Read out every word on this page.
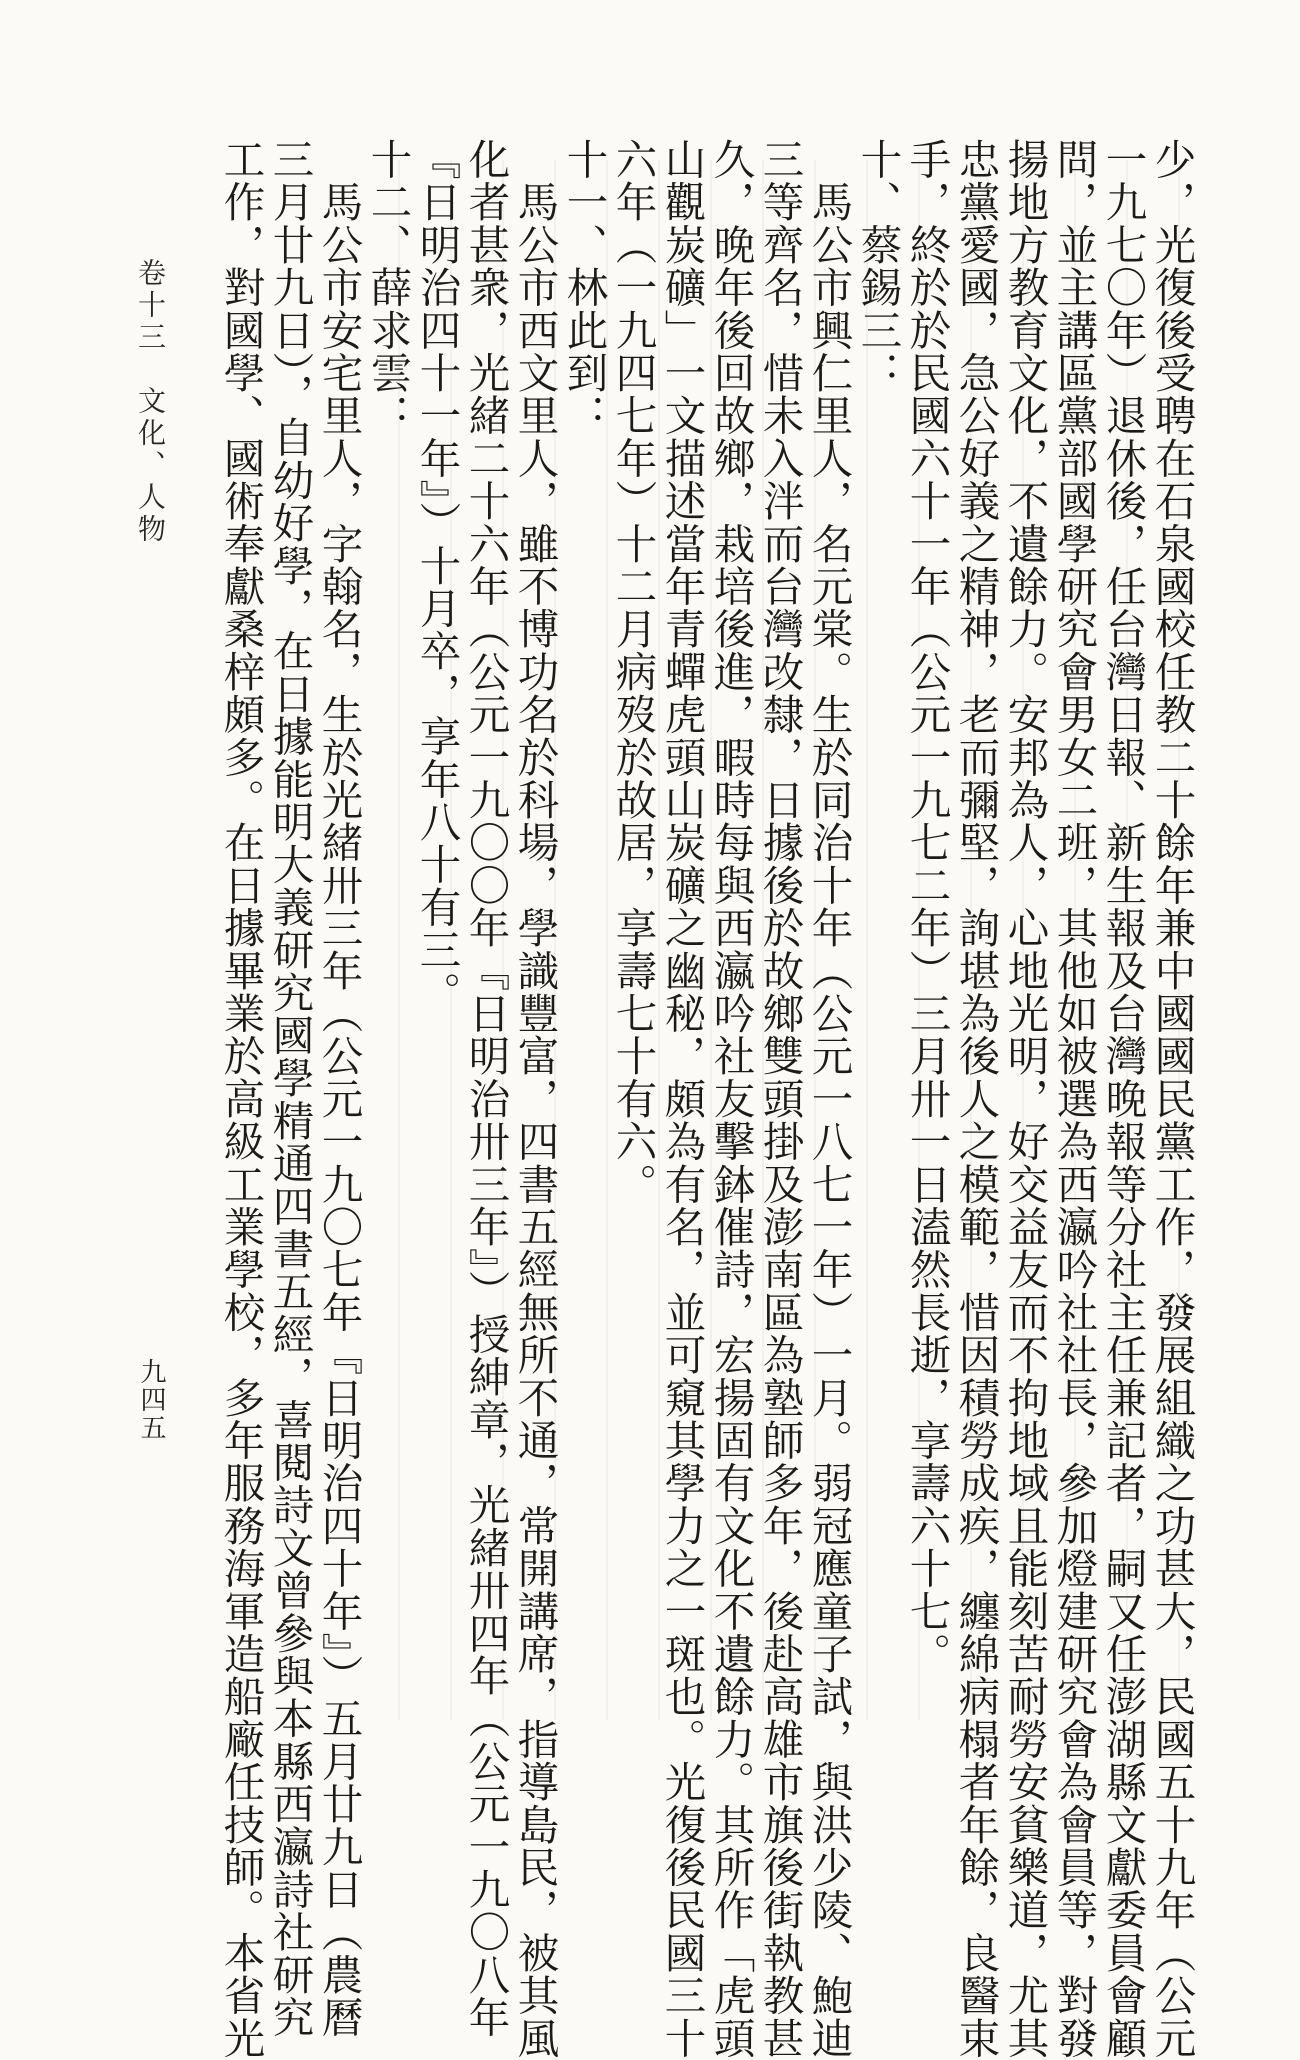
少，光復後受聘在石泉國校任教二十餘年兼中國國民黨工作，發展組織之功甚大，民國五十九年（公元
一九七〇年）退休後，任台灣日報、新生報及台灣晚報等分社主任兼記者，嗣又任澎湖縣文獻委員會顧
問，並主講區黨部國學研究會男女二班，其他如被選為西瀛吟社社長，參加燈建研究會為會員等，對發
揚地方教育文化，不遺餘力。安邦為人，心地光明，好交益友而不拘地域且能刻苦耐勞安貧樂道，尤其
忠黨愛國，急公好義之精神，老而彌堅，詢堪為後人之模範，惜因積勞成疾，纏綿病榻者年餘，良醫束
手，終於於民國六十一年（公元一九七二年）三月卅一日溘然長逝，享壽六十七。
十、蔡錫三：
　馬公市興仁里人，名元棠。生於同治十年（公元一八七一年）一月。弱冠應童子試，與洪少陵、鮑迪
三等齊名，惜未入泮而台灣改隸，日據後於故鄉雙頭掛及澎南區為塾師多年，後赴高雄市旗後街執教甚
久，晚年後回故鄉，栽培後進，暇時每與西瀛吟社友擊鉢催詩，宏揚固有文化不遺餘力。其所作「虎頭
山觀炭礦」一文描述當年青蟬虎頭山炭礦之幽秘，頗為有名，並可窺其學力之一斑也。光復後民國三十
六年（一九四七年）十二月病歿於故居，享壽七十有六。
十一、林此到：
　馬公市西文里人，雖不博功名於科場，學識豐富，四書五經無所不通，常開講席，指導島民，被其風
化者甚衆，光緒二十六年（公元一九〇〇年『日明治卅三年』）授紳章，光緒卅四年（公元一九〇八年
『日明治四十一年』）十月卒，享年八十有三。
十二、薛求雲：
　馬公市安宅里人，字翰名，生於光緒卅三年（公元一九〇七年『日明治四十年』）五月廿九日（農曆
三月廿九日），自幼好學，在日據能明大義研究國學精通四書五經，喜閱詩文曾參與本縣西瀛詩社研究
工作，對國學、國術奉獻桑梓頗多。在日據畢業於高級工業學校，多年服務海軍造船廠任技師。本省光
卷十三　文化、人物
九四五
